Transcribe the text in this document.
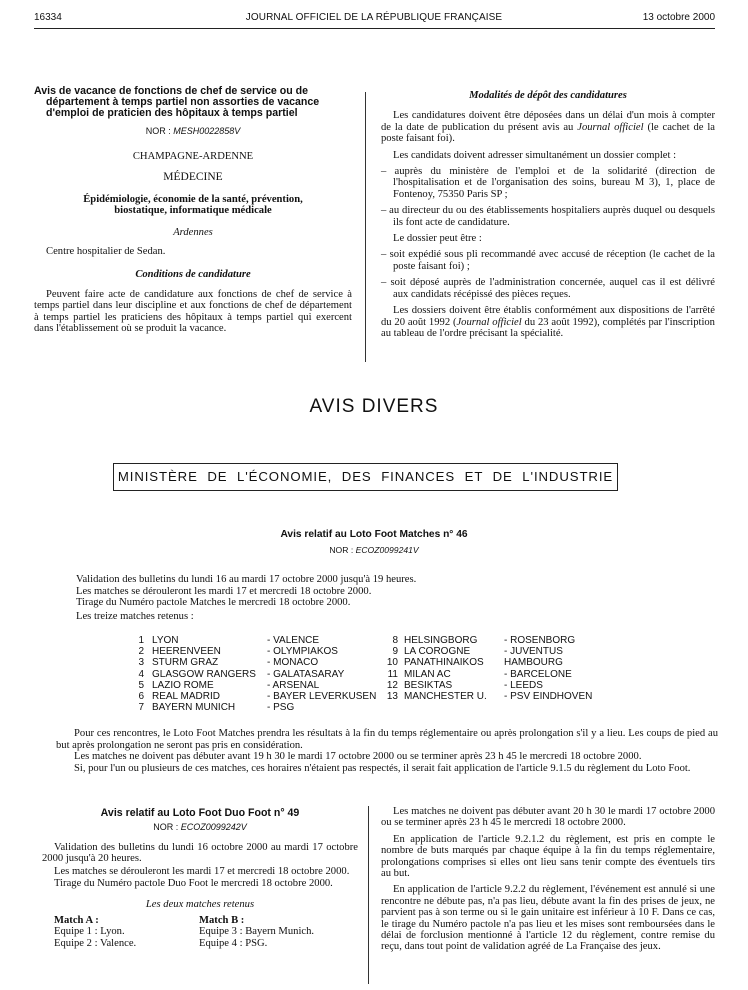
16334	JOURNAL OFFICIEL DE LA RÉPUBLIQUE FRANÇAISE	13 octobre 2000
Avis de vacance de fonctions de chef de service ou de
département à temps partiel non assorties de vacance d'emploi de praticien des hôpitaux à temps partiel
NOR : MESH0022858V

CHAMPAGNE-ARDENNE

MÉDECINE

Épidémiologie, économie de la santé, prévention, biostatique, informatique médicale

Ardennes

Centre hospitalier de Sedan.

Conditions de candidature

Peuvent faire acte de candidature aux fonctions de chef de service à temps partiel dans leur discipline et aux fonctions de chef de département à temps partiel les praticiens des hôpitaux à temps partiel qui exercent dans l'établissement où se produit la vacance.

Modalités de dépôt des candidatures

Les candidatures doivent être déposées dans un délai d'un mois à compter de la date de publication du présent avis au Journal officiel (le cachet de la poste faisant foi).

Les candidats doivent adresser simultanément un dossier complet :

– auprès du ministère de l'emploi et de la solidarité (direction de l'hospitalisation et de l'organisation des soins, bureau M 3), 1, place de Fontenoy, 75350 Paris SP ;

– au directeur du ou des établissements hospitaliers auprès duquel ou desquels ils font acte de candidature.

Le dossier peut être :

– soit expédié sous pli recommandé avec accusé de réception (le cachet de la poste faisant foi) ;

– soit déposé auprès de l'administration concernée, auquel cas il est délivré aux candidats récépissé des pièces reçues.

Les dossiers doivent être établis conformément aux dispositions de l'arrêté du 20 août 1992 (Journal officiel du 23 août 1992), complétés par l'inscription au tableau de l'ordre précisant la spécialité.

AVIS DIVERS
MINISTÈRE DE L'ÉCONOMIE, DES FINANCES ET DE L'INDUSTRIE
Avis relatif au Loto Foot Matches n° 46
NOR : ECOZ0099241V
Validation des bulletins du lundi 16 au mardi 17 octobre 2000 jusqu'à 19 heures.
Les matches se dérouleront les mardi 17 et mercredi 18 octobre 2000.
Tirage du Numéro pactole Matches le mercredi 18 octobre 2000.
Les treize matches retenus :
1 LYON	- VALENCE
2 HEERENVEEN	- OLYMPIAKOS
3 STURM GRAZ	- MONACO
4 GLASGOW RANGERS	- GALATASARAY
5 LAZIO ROME	- ARSENAL
6 REAL MADRID	- BAYER LEVERKUSEN
7 BAYERN MUNICH	- PSG
8 HELSINGBORG	- ROSENBORG
9 LA COROGNE	- JUVENTUS
10 PANATHINAIKOS	HAMBOURG
11 MILAN AC	- BARCELONE
12 BESIKTAS	- LEEDS
13 MANCHESTER U.	- PSV EINDHOVEN

Pour ces rencontres, le Loto Foot Matches prendra les résultats à la fin du temps réglementaire ou après prolongation s'il y a lieu. Les coups de pied au but après prolongation ne seront pas pris en considération.

Les matches ne doivent pas débuter avant 19 h 30 le mardi 17 octobre 2000 ou se terminer après 23 h 45 le mercredi 18 octobre 2000.

Si, pour l'un ou plusieurs de ces matches, ces horaires n'étaient pas respectés, il serait fait application de l'article 9.1.5 du règlement du Loto Foot.

Avis relatif au Loto Foot Duo Foot n° 49
NOR : ECOZ0099242V

Validation des bulletins du lundi 16 octobre 2000 au mardi 17 octobre 2000 jusqu'à 20 heures.

Les matches se dérouleront les mardi 17 et mercredi 18 octobre 2000.

Tirage du Numéro pactole Duo Foot le mercredi 18 octobre 2000.

Les deux matches retenus

Match A :
Equipe 1 : Lyon.
Equipe 2 : Valence.
Match B :
Equipe 3 : Bayern Munich.
Equipe 4 : PSG.

Les matches ne doivent pas débuter avant 20 h 30 le mardi 17 octobre 2000 ou se terminer après 23 h 45 le mercredi 18 octobre 2000.

En application de l'article 9.2.1.2 du règlement, est pris en compte le nombre de buts marqués par chaque équipe à la fin du temps réglementaire, prolongations comprises si elles ont lieu sans tenir compte des éventuels tirs au but.

En application de l'article 9.2.2 du règlement, l'événement est annulé si une rencontre ne débute pas, n'a pas lieu, débute avant la fin des prises de jeux, ne parvient pas à son terme ou si le gain unitaire est inférieur à 10 F. Dans ce cas, le tirage du Numéro pactole n'a pas lieu et les mises sont remboursées dans le délai de forclusion mentionné à l'article 12 du règlement, contre remise du reçu, dans tout point de validation agréé de La Française des jeux.
